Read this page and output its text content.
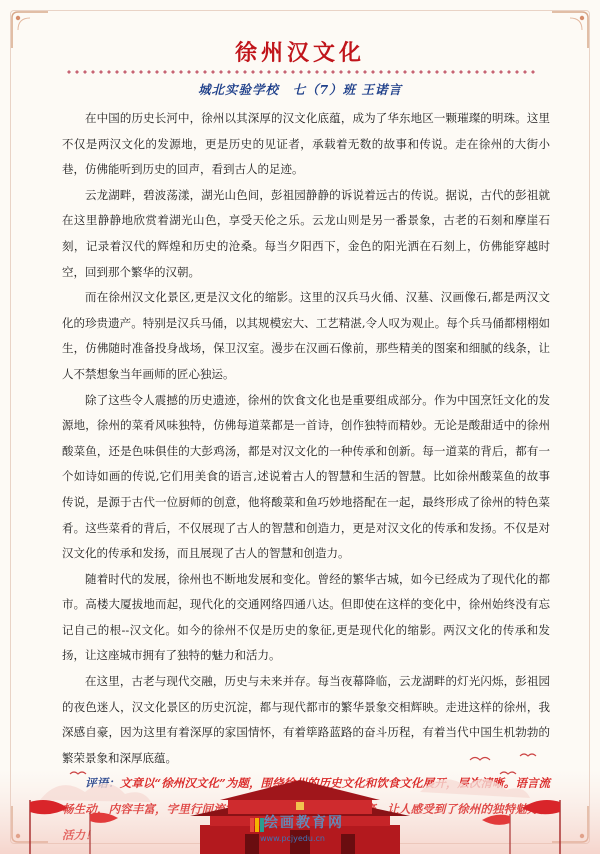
徐州汉文化
城北实验学校　七（7）班 王诺言

在中国的历史长河中，徐州以其深厚的汉文化底蕴，成为了华东地区一颗璀璨的明珠。这里不仅是两汉文化的发源地，更是历史的见证者，承载着无数的故事和传说。走在徐州的大街小巷，仿佛能听到历史的回声，看到古人的足迹。

云龙湖畔，碧波荡漾，湖光山色间，彭祖园静静的诉说着远古的传说。据说，古代的彭祖就在这里静静地欣赏着湖光山色，享受天伦之乐。云龙山则是另一番景象，古老的石刻和摩崖石刻，记录着汉代的辉煌和历史的沧桑。每当夕阳西下，金色的阳光洒在石刻上，仿佛能穿越时空，回到那个繁华的汉朝。

而在徐州汉文化景区,更是汉文化的缩影。这里的汉兵马火俑、汉墓、汉画像石,都是两汉文化的珍贵遗产。特别是汉兵马俑，以其规模宏大、工艺精湛,令人叹为观止。每个兵马俑都栩栩如生，仿佛随时准备投身战场，保卫汉室。漫步在汉画石像前，那些精美的图案和细腻的线条，让人不禁想象当年画师的匠心独运。

除了这些令人震撼的历史遗迹，徐州的饮食文化也是重要组成部分。作为中国烹饪文化的发源地，徐州的菜肴风味独特，仿佛每道菜都是一首诗，创作独特而精妙。无论是酸甜适中的徐州酸菜鱼，还是色味俱佳的大彭鸡汤，都是对汉文化的一种传承和创新。每一道菜的背后，都有一个如诗如画的传说,它们用美食的语言,述说着古人的智慧和生活的智慧。比如徐州酸菜鱼的故事传说，是源于古代一位厨师的创意，他将酸菜和鱼巧妙地搭配在一起，最终形成了徐州的特色菜肴。这些菜肴的背后，不仅展现了古人的智慧和创造力，更是对汉文化的传承和发扬。不仅是对汉文化的传承和发扬，而且展现了古人的智慧和创造力。

随着时代的发展，徐州也不断地发展和变化。曾经的繁华古城，如今已经成为了现代化的都市。高楼大厦拔地而起，现代化的交通网络四通八达。但即使在这样的变化中，徐州始终没有忘记自己的根--汉文化。如今的徐州不仅是历史的象征,更是现代化的缩影。两汉文化的传承和发扬，让这座城市拥有了独特的魅力和活力。

在这里，古老与现代交融，历史与未来并存。每当夜幕降临，云龙湖畔的灯光闪烁，彭祖园的夜色迷人，汉文化景区的历史沉淀，都与现代都市的繁华景象交相辉映。走进这样的徐州，我深感自豪，因为这里有着深厚的家国情怀，有着筚路蓝路的奋斗历程，有着当代中国生机勃勃的繁荣景象和深厚底蕴。

绘画教育网
www.pcjyedu.cn
